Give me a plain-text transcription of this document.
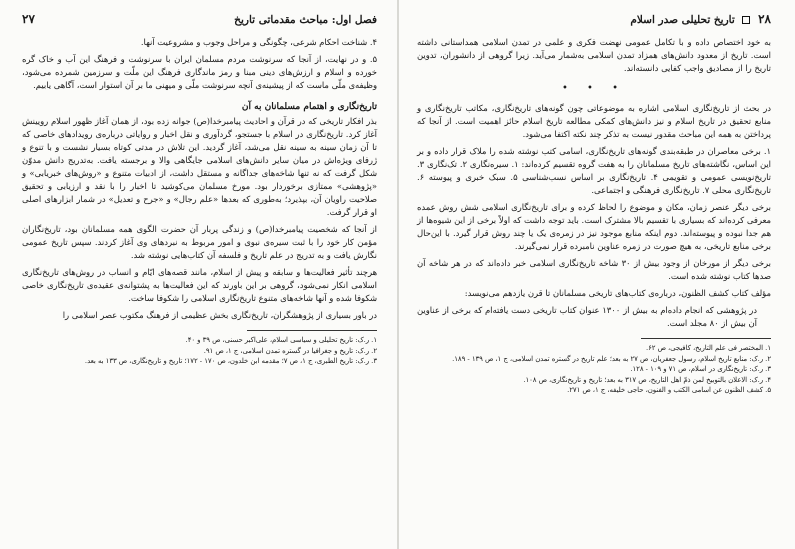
فصل اول: مباحث مقدماتی تاریخ
۲۷

۴. شناخت احکام شرعی، چگونگی و مراحل وجوب و مشروعیت آنها.

۵. و در نهایت، از آنجا که سرنوشت مردم مسلمان ایران با سرنوشت و فرهنگ این آب و خاک گره خورده و اسلام و ارزش‌های دینی مبنا و رمز ماندگاری فرهنگ این ملّت و سرزمین شمرده می‌شود، وظیفه‌ی ملّی ماست که از پیشینه‌ی آنچه سرنوشت ملّی و میهنی ما بر آن استوار است، آگاهی یابیم.

تاریخ‌نگاری و اهتمام مسلمانان به آن

بذر افکار تاریخی که در قرآن و احادیث پیامبرخدا(ص) جوانه زده بود، از همان آغاز ظهور اسلام رویینش آغاز کرد. تاریخ‌نگاری در اسلام با جستجو، گردآوری و نقل اخبار و روایاتی درباره‌ی رویدادهای خاصی که تا آن زمان سینه به سینه نقل می‌شد، آغاز گردید. این تلاش در مدتی کوتاه بسیار نشست و با تنوع و ژرفای ویژه‌اش در میان سایر دانش‌های اسلامی جایگاهی والا و برجسته یافت. به‌تدریج دانش مدوّن شکل گرفت که نه تنها شاخه‌های جداگانه و مستقل داشت، از ادبیات متنوع و «روش‌های خبریابی» و «پژوهشی» ممتازی برخوردار بود. مورخ مسلمان می‌کوشید تا اخبار را با نقد و ارزیابی و تحقیق صلاحیت راویان آن، بپذیرد؛ به‌طوری که بعدها «علم رجال» و «جرح و تعدیل» در شمار ابزارهای اصلی او قرار گرفت.

از آنجا که شخصیت پیامبرخدا(ص) و زندگی پربار آن حضرت الگوی همه مسلمانان بود، تاریخ‌نگاران مؤمن کار خود را با ثبت سیره‌ی نبوی و امور مربوط به نبردهای وی آغاز کردند. سپس تاریخ عمومی نگارش یافت و به تدریج در علم تاریخ و فلسفه آن کتاب‌هایی نوشته شد.

هرچند تأثیر فعالیت‌ها و سابقه و پیش از اسلام، مانند قصه‌های ایّام و انساب در روش‌های تاریخ‌نگاری اسلامی انکار نمی‌شود، گروهی بر این باورند که این فعالیت‌ها به پشتوانه‌ی عقیده‌ی تاریخ‌نگاری خاصی شکوفا شده و آنها شاخه‌های متنوع تاریخ‌نگاری اسلامی را شکوفا ساخت.

در باور بسیاری از پژوهشگران، تاریخ‌نگاری بخش عظیمی از فرهنگ مکتوب عصر اسلامی را

۱. ر.ک: تاریخ تحلیلی و سیاسی اسلام، علی‌اکبر حسنی، ص ۳۹ و ۴۰.

۲. ر.ک: تاریخ و جغرافیا در گستره تمدن اسلامی، ج ۱، ص ۹۱.

۳. ر.ک: تاریخ الطبری، ج ۱، ص ۷؛ مقدمه ابن خلدون، ص ۱۷۰ - ۱۷۲؛ تاریخ و تاریخ‌نگاری، ص ۱۳۳ به بعد.

۲۸  تاریخ تحلیلی صدر اسلام

به خود اختصاص داده و با تکامل عمومی نهضت فکری و علمی در تمدن اسلامی همداستانی داشته است. تاریخ از معدود دانش‌های همزاد تمدن اسلامی به‌شمار می‌آید. زیرا گروهی از دانشوران، تدوین تاریخ را از مصادیق واجب کفایی دانسته‌اند.

• • •

در بحث از تاریخ‌نگاری اسلامی اشاره به موضوعاتی چون گونه‌های تاریخ‌نگاری، مکاتب تاریخ‌نگاری و منابع تحقیق در تاریخ اسلام و نیز دانش‌های کمکی مطالعه تاریخ اسلام حائز اهمیت است. از آنجا که پرداختن به همه این مباحث مقدور نیست به تذکر چند نکته اکتفا می‌شود.

۱. برخی معاصران در طبقه‌بندی گونه‌های تاریخ‌نگاری، اسامی کتب نوشته شده را ملاک قرار داده و بر این اساس، نگاشته‌های تاریخ مسلمانان را به هفت گروه تقسیم کرده‌اند: ۱. سیره‌نگاری ۲. تک‌نگاری ۳. تاریخ‌نویسی عمومی و تقویمی ۴. تاریخ‌نگاری بر اساس نسب‌شناسی ۵. سبک خبری و پیوسته ۶. تاریخ‌نگاری محلی ۷. تاریخ‌نگاری فرهنگی و اجتماعی.

برخی دیگر عنصر زمان، مکان و موضوع را لحاظ کرده و برای تاریخ‌نگاری اسلامی شش روش عمده معرفی کرده‌اند که بسیاری با تقسیم بالا مشترک است. باید توجه داشت که اولاً برخی از این شیوه‌ها از هم جدا نبوده و پیوسته‌اند. دوم اینکه منابع موجود نیز در زمره‌ی یک یا چند روش قرار گیرد. با این‌حال برخی منابع تاریخی، به هیچ صورت در زمره عناوین نامبرده قرار نمی‌گیرند.

برخی دیگر از مورخان از وجود بیش از ۳۰ شاخه تاریخ‌نگاری اسلامی خبر داده‌اند که در هر شاخه آن صدها کتاب نوشته شده است.

مؤلف کتاب کشف الظنون، درباره‌ی کتاب‌های تاریخی مسلمانان تا قرن یازدهم می‌نویسد:

در پژوهشی که انجام داده‌ام به بیش از ۱۳۰۰ عنوان کتاب تاریخی دست یافته‌ام که برخی از عناوین آن بیش از ۸۰ مجلد است.

۱. المختصر فی علم التاریخ، کافیجی، ص ۶۲.

۲. ر.ک: منابع تاریخ اسلام، رسول جعفریان، ص ۲۷ به بعد؛ علم تاریخ در گستره تمدن اسلامی، ج ۱، ص ۱۳۹ - ۱۸۹.

۳. ر.ک: تاریخ‌نگاری در اسلام، ص ۷۱ و ۱۰۹ - ۱۲۸.

۴. ر.ک: الاعلان بالتوبیخ لمن ذمّ اهل التاریخ، ص ۳۱۷ به بعد؛ تاریخ و تاریخ‌نگاری، ص ۱۰۸.

۵. کشف الظنون عن اسامی الکتب و الفنون، حاجی خلیفه، ج ۱، ص ۲۷۱.
